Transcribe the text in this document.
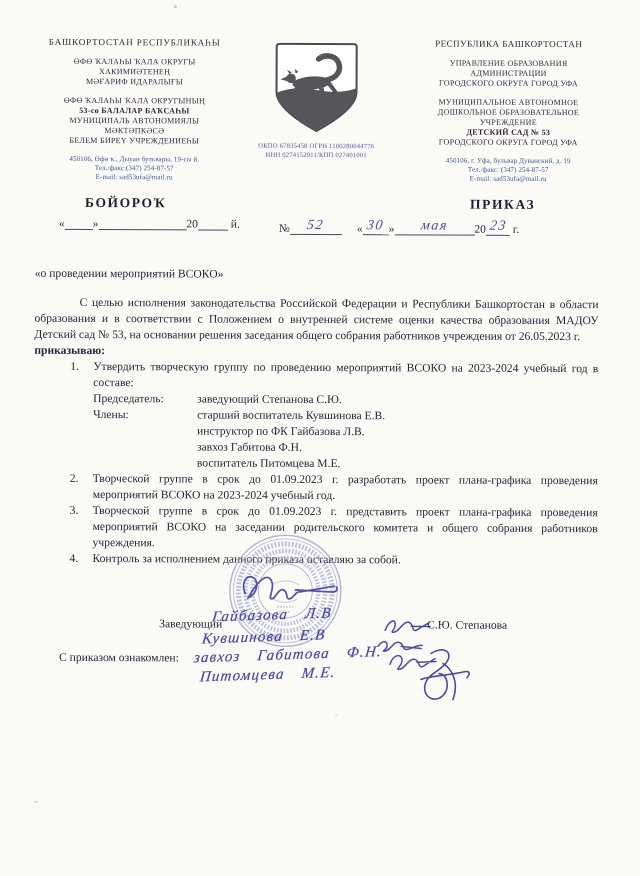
БАШКОРТОСТАН РЕСПУБЛИКАҺЫ
ӨФӨ ҠАЛАҺЫ ҠАЛА ОКРУГЫ
ХАКИМИӘТЕНЕҢ
МӘҒАРИФ ИДАРАЛЫҒЫ
ӨФӨ ҠАЛАҺЫ ҠАЛА ОКРУГЫНЫҢ
53-сө БАЛАЛАР БАҠСАҺЫ
МУНИЦИПАЛЬ АВТОНОМИЯЛЫ
МӘКТӘПКӘСӘ
БЕЛЕМ БИРЕҮ УЧРЕЖДЕНИЕҺЫ
450106, Өфө ҡ., Дыуан бульвары, 19-сы й.
Тел./факс:(347) 254-87-57
E-mail: sad53ufa@mail.ru
ОКПО 67835458 ОГРН 1100280044776
ИНН 0274152911/КПП 027401001
РЕСПУБЛИКА БАШКОРТОСТАН
УПРАВЛЕНИЕ ОБРАЗОВАНИЯ
АДМИНИСТРАЦИИ
ГОРОДСКОГО ОКРУГА ГОРОД УФА
МУНИЦИПАЛЬНОЕ АВТОНОМНОЕ
ДОШКОЛЬНОЕ ОБРАЗОВАТЕЛЬНОЕ
УЧРЕЖДЕНИЕ
ДЕТСКИЙ САД № 53
ГОРОДСКОГО ОКРУГА ГОРОД УФА
450106, г. Уфа, бульвар Дуванский, д. 19
Тел./факс: (347) 254-87-57
E-mail: sad53ufa@mail.ru
БОЙОРОҠ	ПРИКАЗ
« »	20	й.	№ 52	« 30 » мая 20 23 г.
«о проведении мероприятий ВСОКО»

С целью исполнения законодательства Российской Федерации и Республики Башкортостан в области образования и в соответствии с Положением о внутренней системе оценки качества образования МАДОУ Детский сад № 53, на основании решения заседания общего собрания работников учреждения от 26.05.2023 г.

приказываю:
1. Утвердить творческую группу по проведению мероприятий ВСОКО на 2023-2024 учебный год в составе:
Председатель:	заведующий Степанова С.Ю.
Члены:	старший воспитатель Кувшинова Е.В.
инструктор по ФК Гайбазова Л.В.
завхоз Габитова Ф.Н.
воспитатель Питомцева М.Е.
2. Творческой группе в срок до 01.09.2023 г. разработать проект плана-графика проведения мероприятий ВСОКО на 2023-2024 учебный год.
3. Творческой группе в срок до 01.09.2023 г. представить проект плана-графика проведения мероприятий ВСОКО на заседании родительского комитета и общего собрания работников учреждения.
4. Контроль за исполнением данного приказа оставляю за собой.
Заведующий	С.Ю. Степанова
С приказом ознакомлен:
Гайбазова Л.В
Кувшинова Е.В
завхоз Габитова Ф.Н.
Питомцева М.Е.
